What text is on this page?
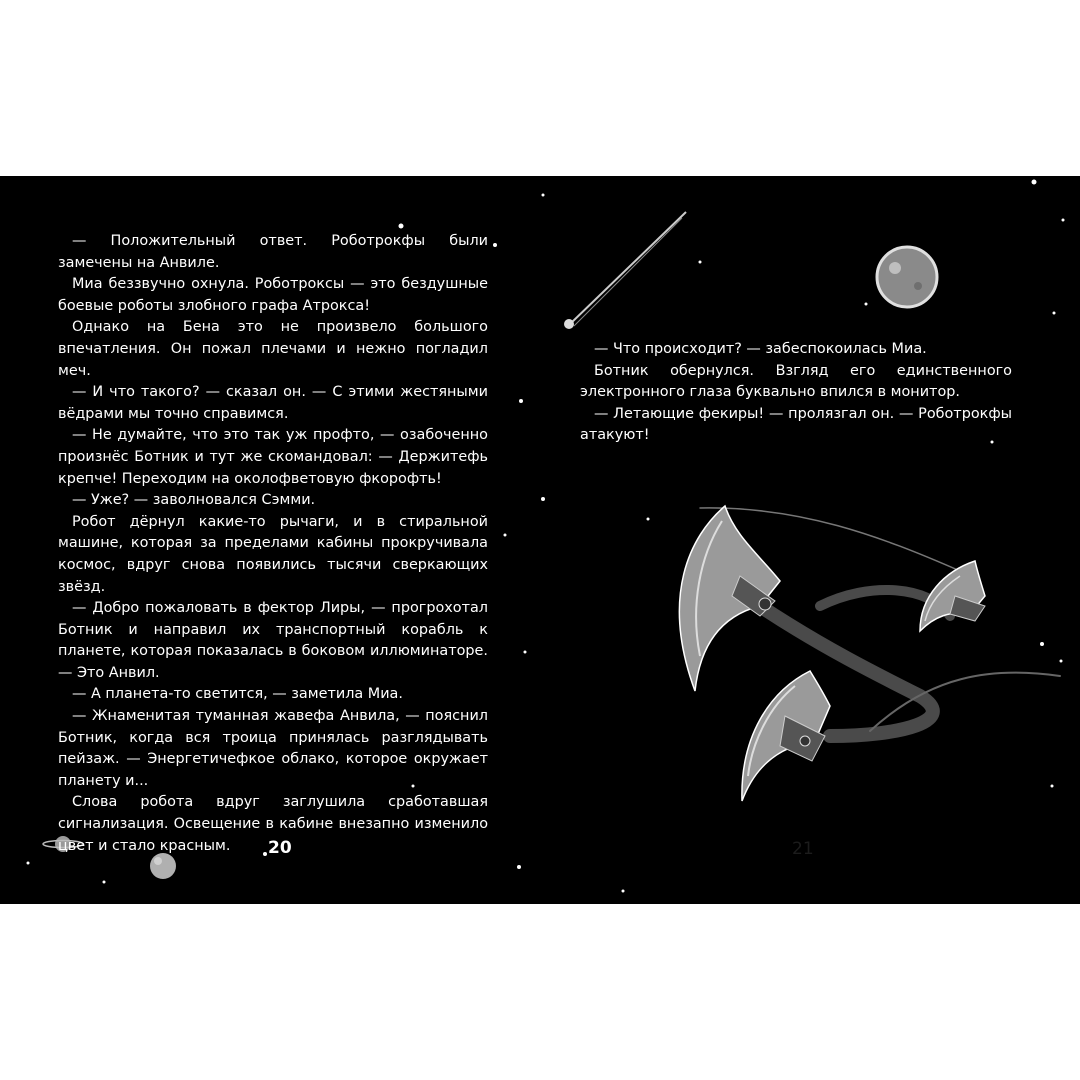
— Положительный ответ. Роботрокфы были замечены на Анвиле.

Миа беззвучно охнула. Роботроксы — это бездушные боевые роботы злобного графа Атрокса!

Однако на Бена это не произвело большого впечатления. Он пожал плечами и нежно погладил меч.

— И что такого? — сказал он. — С этими жестяными вёдрами мы точно справимся.

— Не думайте, что это так уж профто, — озабоченно произнёс Ботник и тут же скомандовал: — Держитефь крепче! Переходим на околофветовую фкорофть!

— Уже? — заволновался Сэмми.

Робот дёрнул какие-то рычаги, и в стиральной машине, которая за пределами кабины прокручивала космос, вдруг снова появились тысячи сверкающих звёзд.

— Добро пожаловать в фектор Лиры, — прогрохотал Ботник и направил их транспортный корабль к планете, которая показалась в боковом иллюминаторе. — Это Анвил.

— А планета-то светится, — заметила Миа.

— Жнаменитая туманная жавефа Анвила, — пояснил Ботник, когда вся троица принялась разглядывать пейзаж. — Энергетичефкое облако, которое окружает планету и...

Слова робота вдруг заглушила сработавшая сигнализация. Освещение в кабине внезапно изменило цвет и стало красным.

— Что происходит? — забеспокоилась Миа.

Ботник обернулся. Взгляд его единственного электронного глаза буквально впился в монитор.

— Летающие фекиры! — пролязгал он. — Роботрокфы атакуют!

20	21
